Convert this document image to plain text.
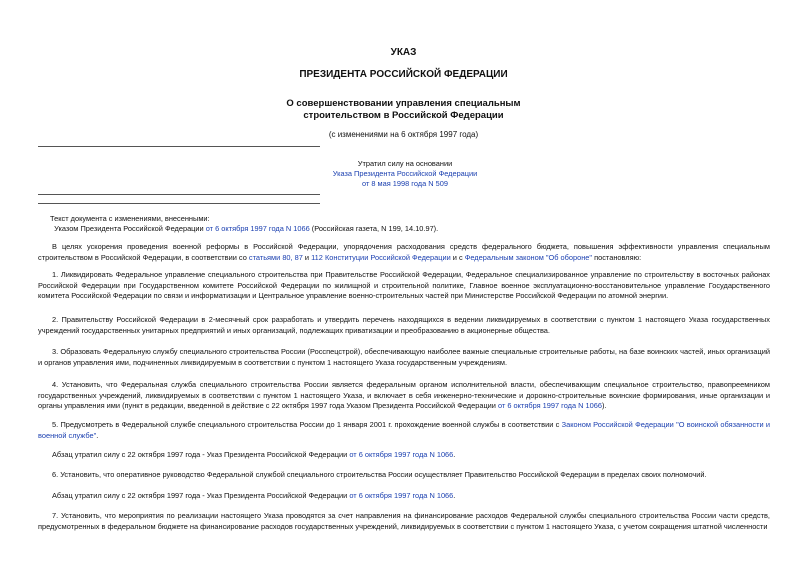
УКАЗ
ПРЕЗИДЕНТА РОССИЙСКОЙ ФЕДЕРАЦИИ
О совершенствовании управления специальным
строительством в Российской Федерации
(с изменениями на 6 октября 1997 года)
Утратил силу на основании
Указа Президента Российской Федерации
от 8 мая 1998 года N 509
Текст документа с изменениями, внесенными:
Указом Президента Российской Федерации от 6 октября 1997 года N 1066 (Российская газета, N 199, 14.10.97).
В целях ускорения проведения военной реформы в Российской Федерации, упорядочения расходования средств федерального бюджета, повышения эффективности управления специальным строительством в Российской Федерации, в соответствии со статьями 80, 87 и 112 Конституции Российской Федерации и с Федеральным законом "Об обороне" постановляю:
1. Ликвидировать Федеральное управление специального строительства при Правительстве Российской Федерации, Федеральное специализированное управление по строительству в восточных районах Российской Федерации при Государственном комитете Российской Федерации по жилищной и строительной политике, Главное военное эксплуатационно-восстановительное управление Государственного комитета Российской Федерации по связи и информатизации и Центральное управление военно-строительных частей при Министерстве Российской Федерации по атомной энергии.
2. Правительству Российской Федерации в 2-месячный срок разработать и утвердить перечень находящихся в ведении ликвидируемых в соответствии с пунктом 1 настоящего Указа государственных учреждений государственных унитарных предприятий и иных организаций, подлежащих приватизации и преобразованию в акционерные общества.
3. Образовать Федеральную службу специального строительства России (Росспецстрой), обеспечивающую наиболее важные специальные строительные работы, на базе воинских частей, иных организаций и органов управления ими, подчиненных ликвидируемым в соответствии с пунктом 1 настоящего Указа государственным учреждениям.
4. Установить, что Федеральная служба специального строительства России является федеральным органом исполнительной власти, обеспечивающим специальное строительство, правопреемником государственных учреждений, ликвидируемых в соответствии с пунктом 1 настоящего Указа, и включает в себя инженерно-технические и дорожно-строительные воинские формирования, иные организации и органы управления ими (пункт в редакции, введенной в действие с 22 октября 1997 года Указом Президента Российской Федерации от 6 октября 1997 года N 1066).
5. Предусмотреть в Федеральной службе специального строительства России до 1 января 2001 г. прохождение военной службы в соответствии с Законом Российской Федерации "О воинской обязанности и военной службе".
Абзац утратил силу с 22 октября 1997 года - Указ Президента Российской Федерации от 6 октября 1997 года N 1066.
6. Установить, что оперативное руководство Федеральной службой специального строительства России осуществляет Правительство Российской Федерации в пределах своих полномочий.
Абзац утратил силу с 22 октября 1997 года - Указ Президента Российской Федерации от 6 октября 1997 года N 1066.
7. Установить, что мероприятия по реализации настоящего Указа проводятся за счет направления на финансирование расходов Федеральной службы специального строительства России части средств, предусмотренных в федеральном бюджете на финансирование расходов государственных учреждений, ликвидируемых в соответствии с пунктом 1 настоящего Указа, с учетом сокращения штатной численности
